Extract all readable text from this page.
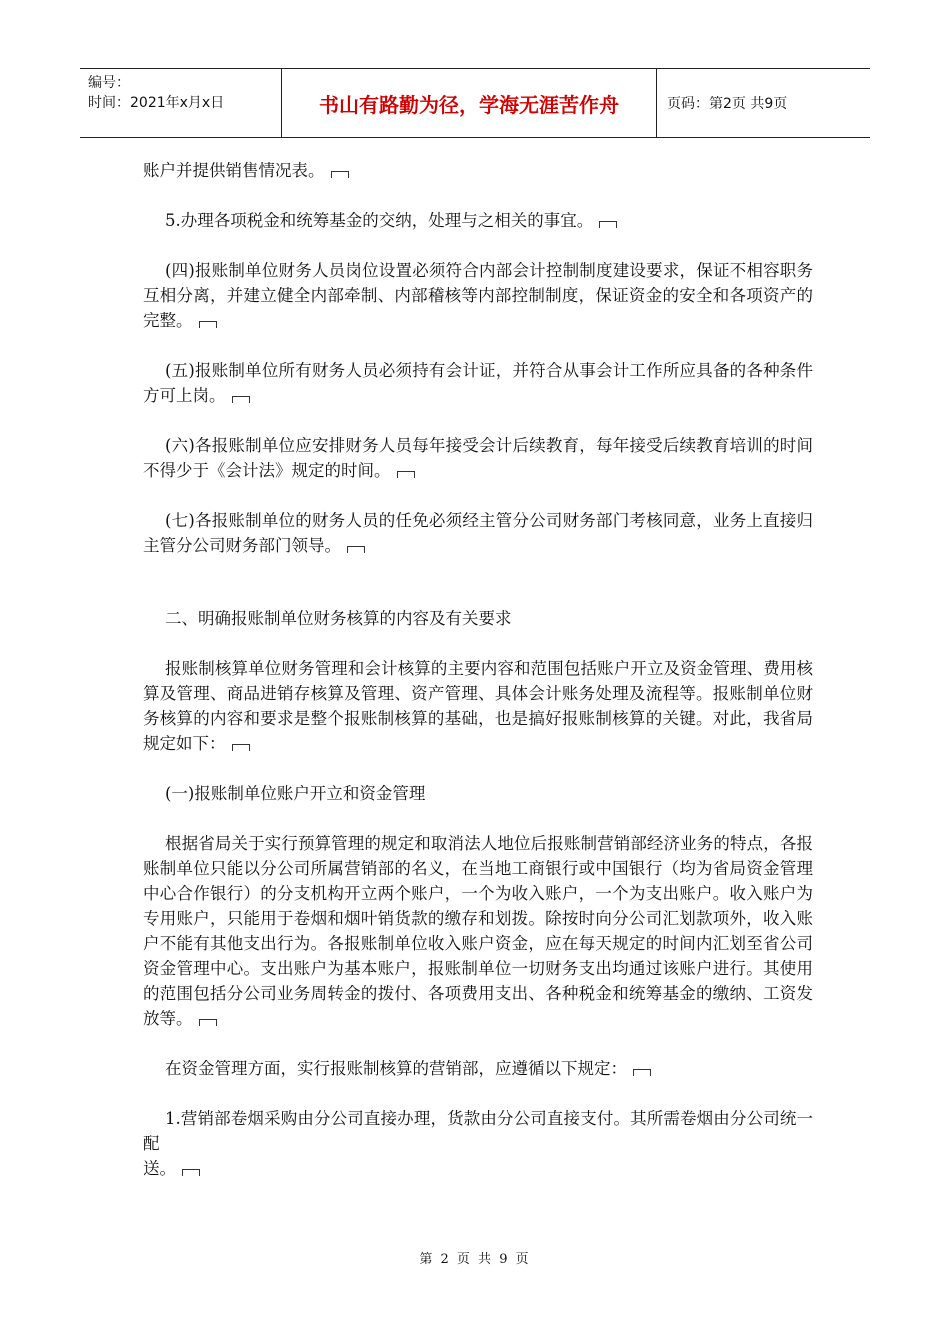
编号：
时间：2021年x月x日	书山有路勤为径，学海无涯苦作舟	页码：第2页 共9页

账户并提供销售情况表。

5.办理各项税金和统筹基金的交纳，处理与之相关的事宜。

(四)报账制单位财务人员岗位设置必须符合内部会计控制制度建设要求，保证不相容职务互相分离，并建立健全内部牵制、内部稽核等内部控制制度，保证资金的安全和各项资产的完整。

(五)报账制单位所有财务人员必须持有会计证，并符合从事会计工作所应具备的各种条件方可上岗。

(六)各报账制单位应安排财务人员每年接受会计后续教育，每年接受后续教育培训的时间不得少于《会计法》规定的时间。

(七)各报账制单位的财务人员的任免必须经主管分公司财务部门考核同意，业务上直接归主管分公司财务部门领导。

二、明确报账制单位财务核算的内容及有关要求

报账制核算单位财务管理和会计核算的主要内容和范围包括账户开立及资金管理、费用核算及管理、商品进销存核算及管理、资产管理、具体会计账务处理及流程等。报账制单位财务核算的内容和要求是整个报账制核算的基础，也是搞好报账制核算的关键。对此，我省局规定如下：

(一)报账制单位账户开立和资金管理

根据省局关于实行预算管理的规定和取消法人地位后报账制营销部经济业务的特点，各报账制单位只能以分公司所属营销部的名义，在当地工商银行或中国银行（均为省局资金管理中心合作银行）的分支机构开立两个账户，一个为收入账户，一个为支出账户。收入账户为专用账户，只能用于卷烟和烟叶销货款的缴存和划拨。除按时向分公司汇划款项外，收入账户不能有其他支出行为。各报账制单位收入账户资金，应在每天规定的时间内汇划至省公司资金管理中心。支出账户为基本账户，报账制单位一切财务支出均通过该账户进行。其使用的范围包括分公司业务周转金的拨付、各项费用支出、各种税金和统筹基金的缴纳、工资发放等。

在资金管理方面，实行报账制核算的营销部，应遵循以下规定：

1.营销部卷烟采购由分公司直接办理，货款由分公司直接支付。其所需卷烟由分公司统一配

送。

第 2 页 共 9 页
